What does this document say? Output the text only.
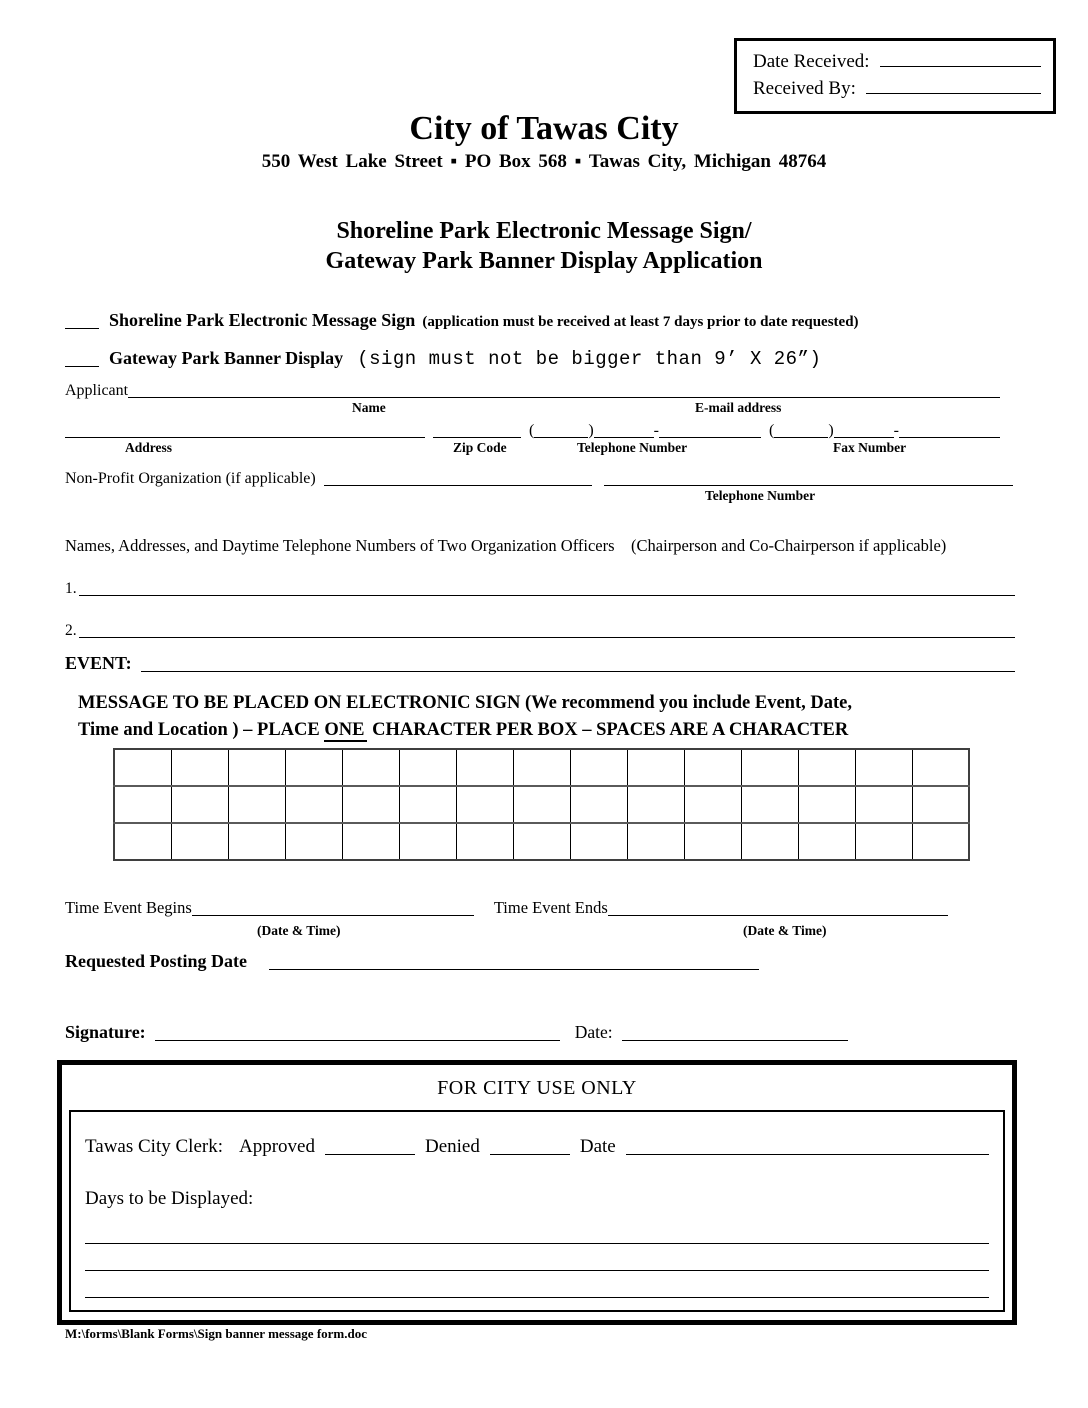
Date Received:
Received By:
City of Tawas City
550 West Lake Street ▪ PO Box 568 ▪ Tawas City, Michigan 48764
Shoreline Park Electronic Message Sign/
Gateway Park Banner Display Application
Shoreline Park Electronic Message Sign (application must be received at least 7 days prior to date requested)
Gateway Park Banner Display (sign must not be bigger than 9’ X 26”)
Applicant
Name	E-mail address
(	)	-	(	)	-
Address	Zip Code	Telephone Number	Fax Number
Non-Profit Organization (if applicable)
Telephone Number
Names, Addresses, and Daytime Telephone Numbers of Two Organization Officers  (Chairperson and Co-Chairperson if applicable)
1.
2.
EVENT:
MESSAGE TO BE PLACED ON ELECTRONIC SIGN (We recommend you include Event, Date,
Time and Location ) – PLACE ONE CHARACTER PER BOX – SPACES ARE A CHARACTER

Time Event Begins	Time Event Ends
(Date & Time)	(Date & Time)
Requested Posting Date
Signature:	Date:
FOR CITY USE ONLY
Tawas City Clerk: Approved	Denied	Date
Days to be Displayed:
M:\forms\Blank Forms\Sign banner message form.doc
